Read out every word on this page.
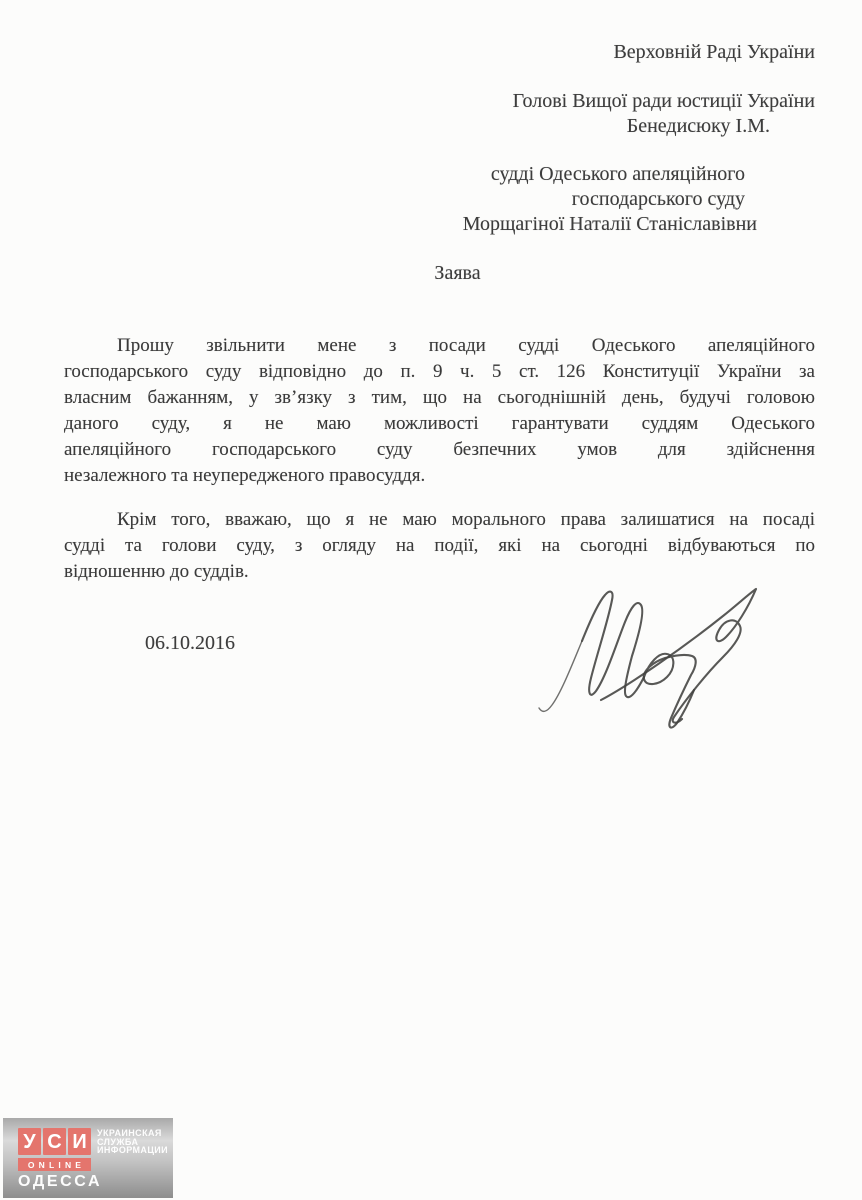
Верховній Раді України
Голові Вищої ради юстиції України
Бенедисюку І.М.
судді Одеського апеляційного
господарського суду
Морщагіної Наталії Станіславівни
Заява
Прошу звільнити мене з посади судді Одеського апеляційного
господарського суду відповідно до п. 9 ч. 5 ст. 126 Конституції України за
власним бажанням, у зв’язку з тим, що на сьогоднішній день, будучі головою
даного суду, я не маю можливості гарантувати суддям Одеського
апеляційного господарського суду безпечних умов для здійснення
незалежного та неупередженого правосуддя.
Крім того, вважаю, що я не маю морального права залишатися на посаді
судді та голови суду, з огляду на події, які на сьогодні відбуваються по
відношенню до суддів.
06.10.2016
У С И	УКРАИНСКАЯ
СЛУЖБА
ИНФОРМАЦИИ
ONLINE
ОДЕССА
